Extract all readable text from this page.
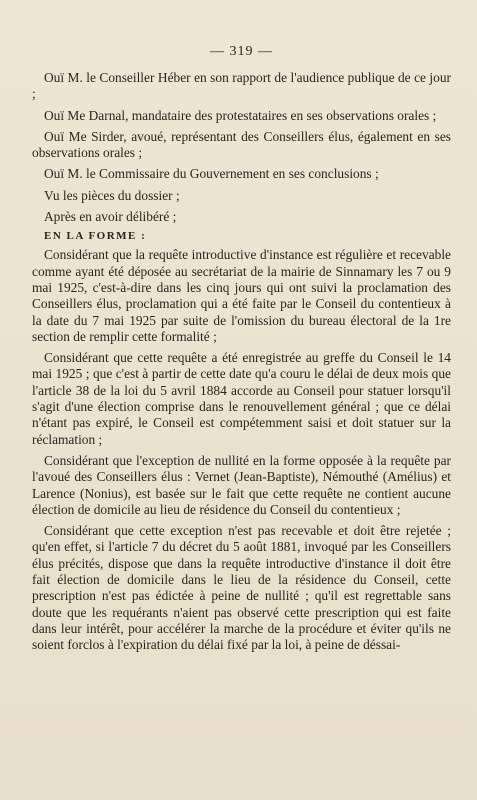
— 319 —

Ouï M. le Conseiller Héber en son rapport de l'audience publique de ce jour ;

Ouï Me Darnal, mandataire des protestataires en ses observations orales ;

Ouï Me Sirder, avoué, représentant des Conseillers élus, également en ses observations orales ;

Ouï M. le Commissaire du Gouvernement en ses conclusions ;

Vu les pièces du dossier ;

Après en avoir délibéré ;

EN LA FORME :

Considérant que la requête introductive d'instance est régulière et recevable comme ayant été déposée au secrétariat de la mairie de Sinnamary les 7 ou 9 mai 1925, c'est-à-dire dans les cinq jours qui ont suivi la proclamation des Conseillers élus, proclamation qui a été faite par le Conseil du contentieux à la date du 7 mai 1925 par suite de l'omission du bureau électoral de la 1re section de remplir cette formalité ;

Considérant que cette requête a été enregistrée au greffe du Conseil le 14 mai 1925 ; que c'est à partir de cette date qu'a couru le délai de deux mois que l'article 38 de la loi du 5 avril 1884 accorde au Conseil pour statuer lorsqu'il s'agit d'une élection comprise dans le renouvellement général ; que ce délai n'étant pas expiré, le Conseil est compétemment saisi et doit statuer sur la réclamation ;

Considérant que l'exception de nullité en la forme opposée à la requête par l'avoué des Conseillers élus : Vernet (Jean-Baptiste), Némouthé (Amélius) et Larence (Nonius), est basée sur le fait que cette requête ne contient aucune élection de domicile au lieu de résidence du Conseil du contentieux ;

Considérant que cette exception n'est pas recevable et doit être rejetée ; qu'en effet, si l'article 7 du décret du 5 août 1881, invoqué par les Conseillers élus précités, dispose que dans la requête introductive d'instance il doit être fait élection de domicile dans le lieu de la résidence du Conseil, cette prescription n'est pas édictée à peine de nullité ; qu'il est regrettable sans doute que les requérants n'aient pas observé cette prescription qui est faite dans leur intérêt, pour accélérer la marche de la procédure et éviter qu'ils ne soient forclos à l'expiration du délai fixé par la loi, à peine de déssai-
